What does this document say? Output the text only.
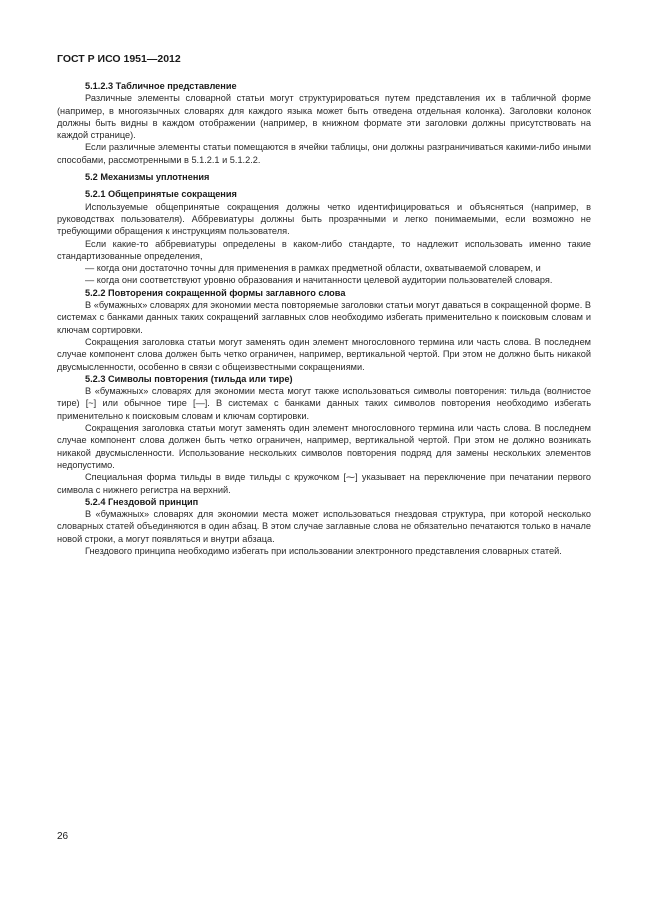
ГОСТ Р ИСО 1951—2012
5.1.2.3 Табличное представление

Различные элементы словарной статьи могут структурироваться путем представления их в табличной форме (например, в многоязычных словарях для каждого языка может быть отведена отдельная колонка). Заголовки колонок должны быть видны в каждом отображении (например, в книжном формате эти заголовки должны присутствовать на каждой странице).

Если различные элементы статьи помещаются в ячейки таблицы, они должны разграничиваться какими-либо иными способами, рассмотренными в 5.1.2.1 и 5.1.2.2.

5.2 Механизмы уплотнения
5.2.1 Общепринятые сокращения

Используемые общепринятые сокращения должны четко идентифицироваться и объясняться (например, в руководствах пользователя). Аббревиатуры должны быть прозрачными и легко понимаемыми, если возможно не требующими обращения к инструкциям пользователя.

Если какие-то аббревиатуры определены в каком-либо стандарте, то надлежит использовать именно такие стандартизованные определения,

— когда они достаточно точны для применения в рамках предметной области, охватываемой словарем, и

— когда они соответствуют уровню образования и начитанности целевой аудитории пользователей словаря.

5.2.2 Повторения сокращенной формы заглавного слова

В «бумажных» словарях для экономии места повторяемые заголовки статьи могут даваться в сокращенной форме. В системах с банками данных таких сокращений заглавных слов необходимо избегать применительно к поисковым словам и ключам сортировки.

Сокращения заголовка статьи могут заменять один элемент многословного термина или часть слова. В последнем случае компонент слова должен быть четко ограничен, например, вертикальной чертой. При этом не должно быть никакой двусмысленности, особенно в связи с общеизвестными сокращениями.

5.2.3 Символы повторения (тильда или тире)

В «бумажных» словарях для экономии места могут также использоваться символы повторения: тильда (волнистое тире) [~] или обычное тире [—]. В системах с банками данных таких символов повторения необходимо избегать применительно к поисковым словам и ключам сортировки.

Сокращения заголовка статьи могут заменять один элемент многословного термина или часть слова. В последнем случае компонент слова должен быть четко ограничен, например, вертикальной чертой. При этом не должно возникать никакой двусмысленности. Использование нескольких символов повторения подряд для замены нескольких элементов недопустимо.

Специальная форма тильды в виде тильды с кружочком [⁓] указывает на переключение при печатании первого символа с нижнего регистра на верхний.

5.2.4 Гнездовой принцип

В «бумажных» словарях для экономии места может использоваться гнездовая структура, при которой несколько словарных статей объединяются в один абзац. В этом случае заглавные слова не обязательно печатаются только в начале новой строки, а могут появляться и внутри абзаца.

Гнездового принципа необходимо избегать при использовании электронного представления словарных статей.

26
